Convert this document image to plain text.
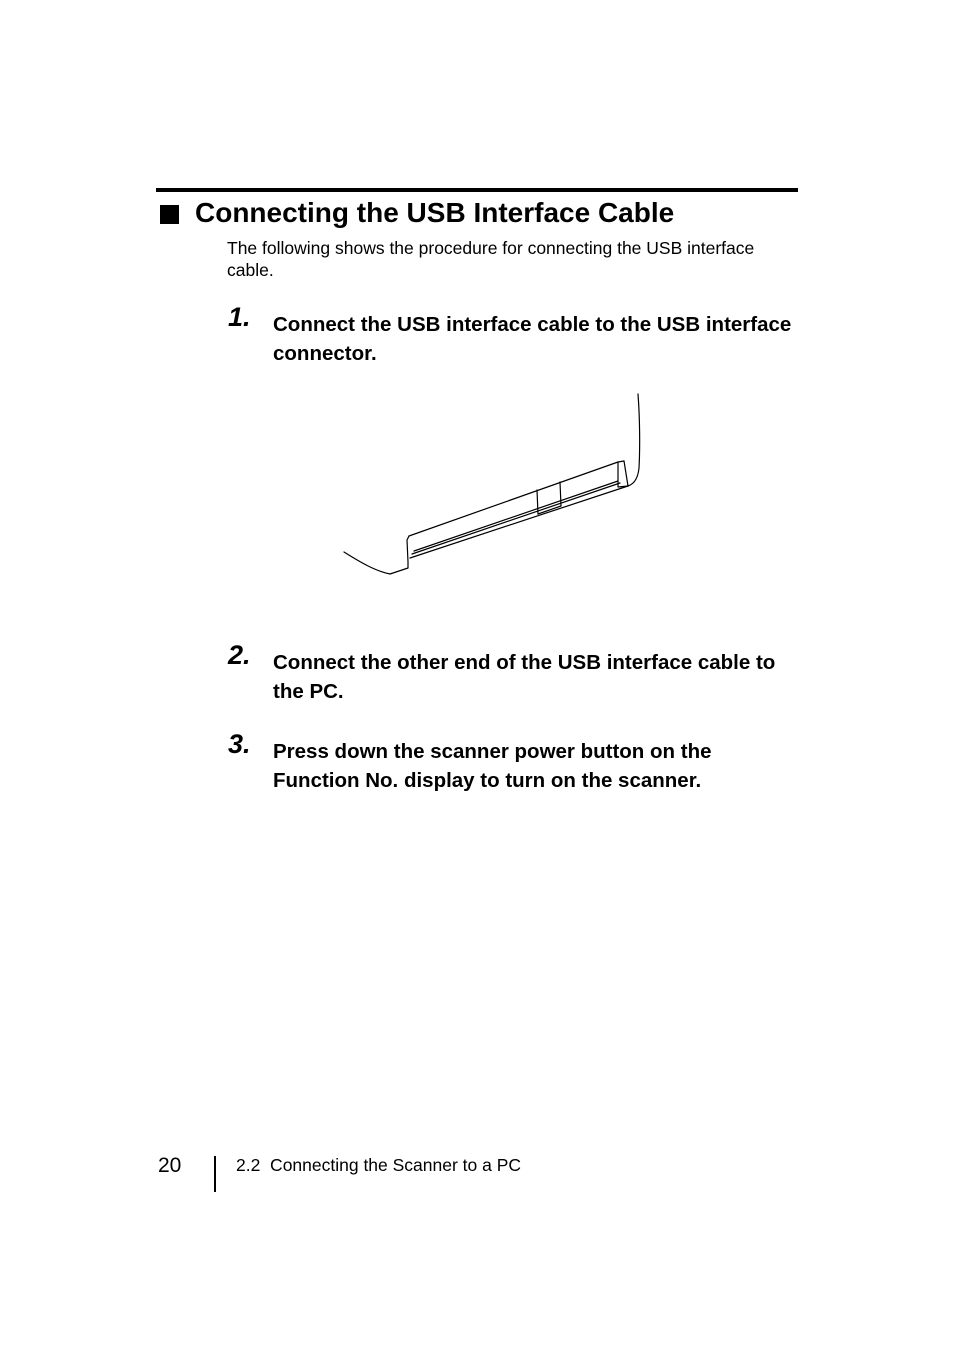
Connecting the USB Interface Cable
The following shows the procedure for connecting the USB interface cable.
1. Connect the USB interface cable to the USB interface connector.
2. Connect the other end of the USB interface cable to the PC.
3. Press down the scanner power button on the Function No. display to turn on the scanner.
20	2.2  Connecting the Scanner to a PC
